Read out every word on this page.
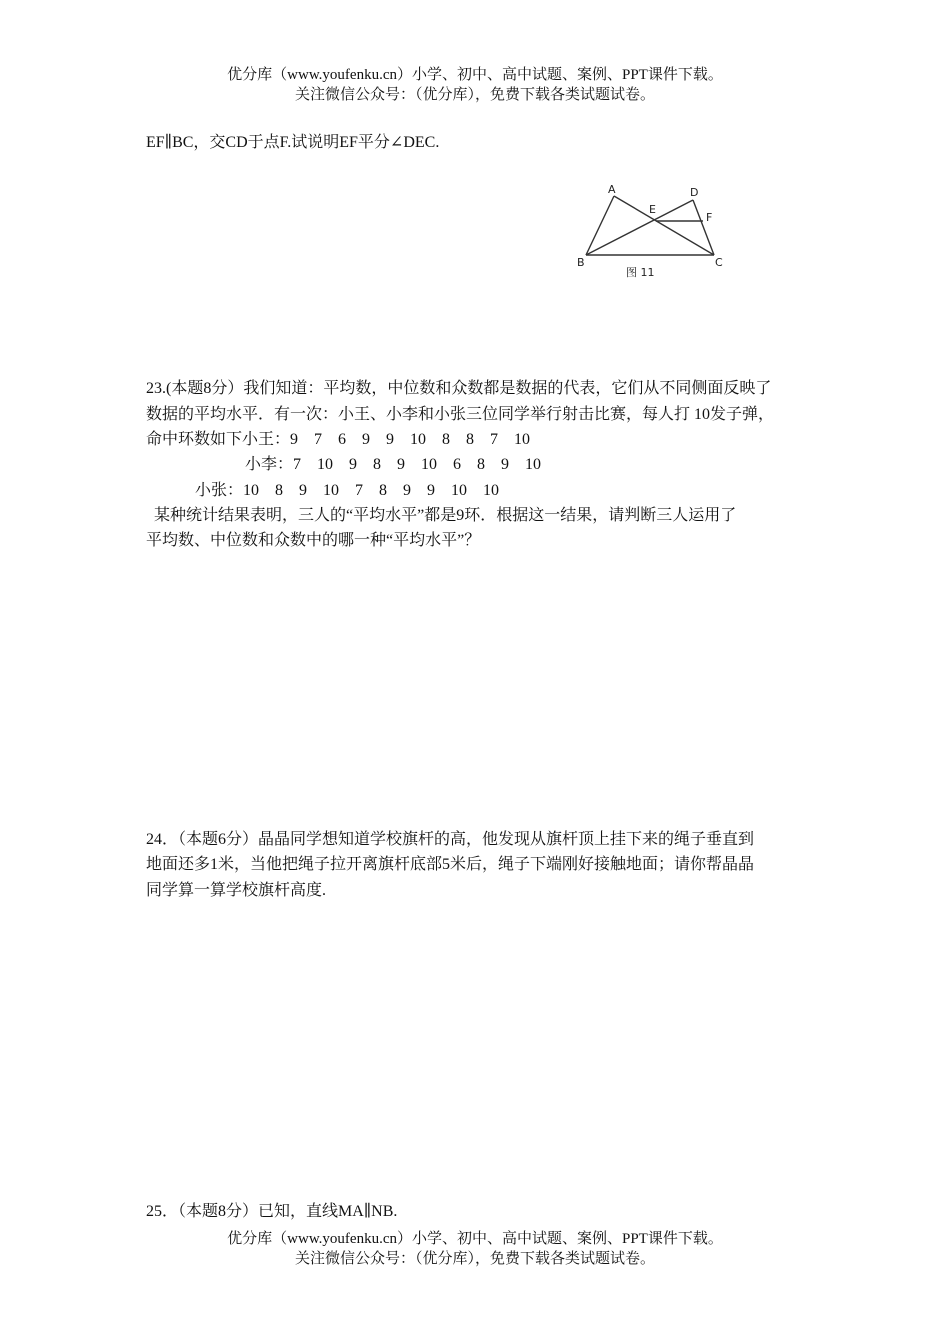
优分库（www.youfenku.cn）小学、初中、高中试题、案例、PPT课件下载。
关注微信公众号：（优分库），免费下载各类试题试卷。
EF∥BC，交CD于点F.试说明EF平分∠DEC.
A	D
E
F
B	C
图 11
23.(本题8分）我们知道：平均数，中位数和众数都是数据的代表，它们从不同侧面反映了
数据的平均水平．有一次：小王、小李和小张三位同学举行射击比赛，每人打 10发子弹，
命中环数如下小王：9    7    6    9    9    10    8    8    7    10
小李：7    10    9    8    9    10    6    8    9    10
小张：10    8    9    10    7    8    9    9    10    10
某种统计结果表明，三人的“平均水平”都是9环．根据这一结果，请判断三人运用了
平均数、中位数和众数中的哪一种“平均水平”？
24．（本题6分）晶晶同学想知道学校旗杆的高，他发现从旗杆顶上挂下来的绳子垂直到
地面还多1米，当他把绳子拉开离旗杆底部5米后，绳子下端刚好接触地面；请你帮晶晶
同学算一算学校旗杆高度.
25．（本题8分）已知，直线MA∥NB.
优分库（www.youfenku.cn）小学、初中、高中试题、案例、PPT课件下载。
关注微信公众号：（优分库），免费下载各类试题试卷。
